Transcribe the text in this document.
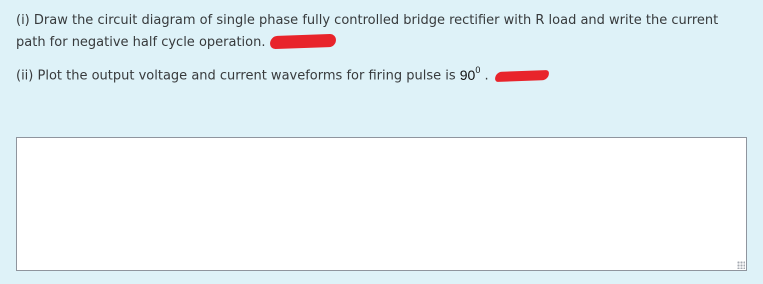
(i) Draw the circuit diagram of single phase fully controlled bridge rectifier with R load and write the current path for negative half cycle operation.

(ii) Plot the output voltage and current waveforms for firing pulse is $90^0$ .
